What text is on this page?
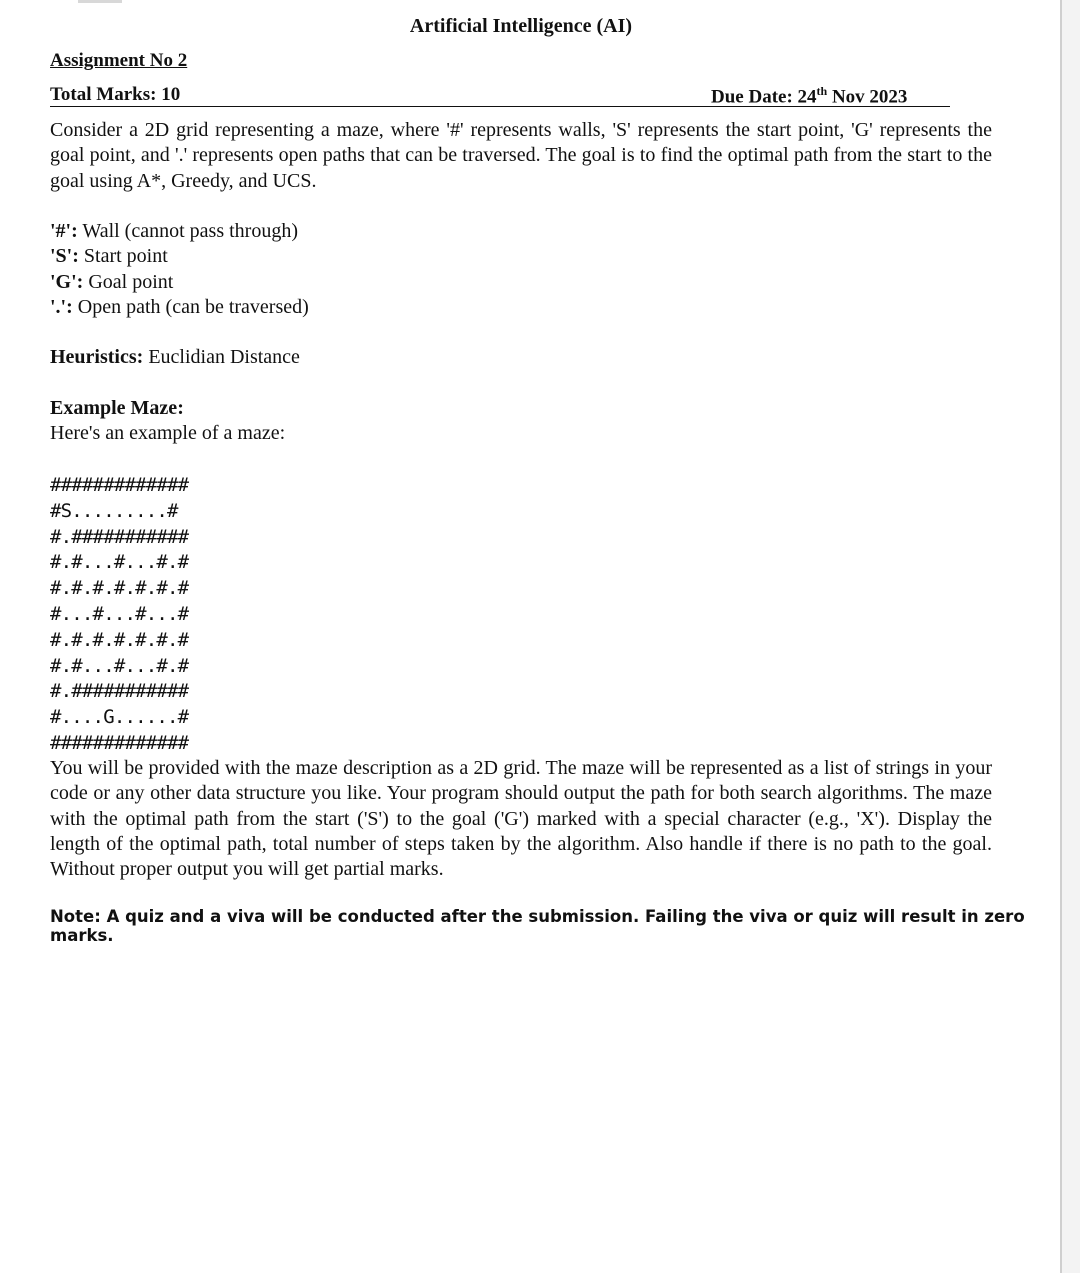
Artificial Intelligence (AI)
Assignment No 2
Total Marks: 10	Due Date: 24th Nov 2023
Consider a 2D grid representing a maze, where '#' represents walls, 'S' represents the start point, 'G' represents the goal point, and '.' represents open paths that can be traversed. The goal is to find the optimal path from the start to the goal using A*, Greedy, and UCS.
'#': Wall (cannot pass through)
'S': Start point
'G': Goal point
'.': Open path (can be traversed)
Heuristics: Euclidian Distance
Example Maze:
Here's an example of a maze:
#############
#S.........#
#.###########
#.#...#...#.#
#.#.#.#.#.#.#
#...#...#...#
#.#.#.#.#.#.#
#.#...#...#.#
#.###########
#....G......#
#############
You will be provided with the maze description as a 2D grid. The maze will be represented as a list of strings in your code or any other data structure you like. Your program should output the path for both search algorithms. The maze with the optimal path from the start ('S') to the goal ('G') marked with a special character (e.g., 'X'). Display the length of the optimal path, total number of steps taken by the algorithm. Also handle if there is no path to the goal. Without proper output you will get partial marks.
Note: A quiz and a viva will be conducted after the submission. Failing the viva or quiz will result in zero marks.
